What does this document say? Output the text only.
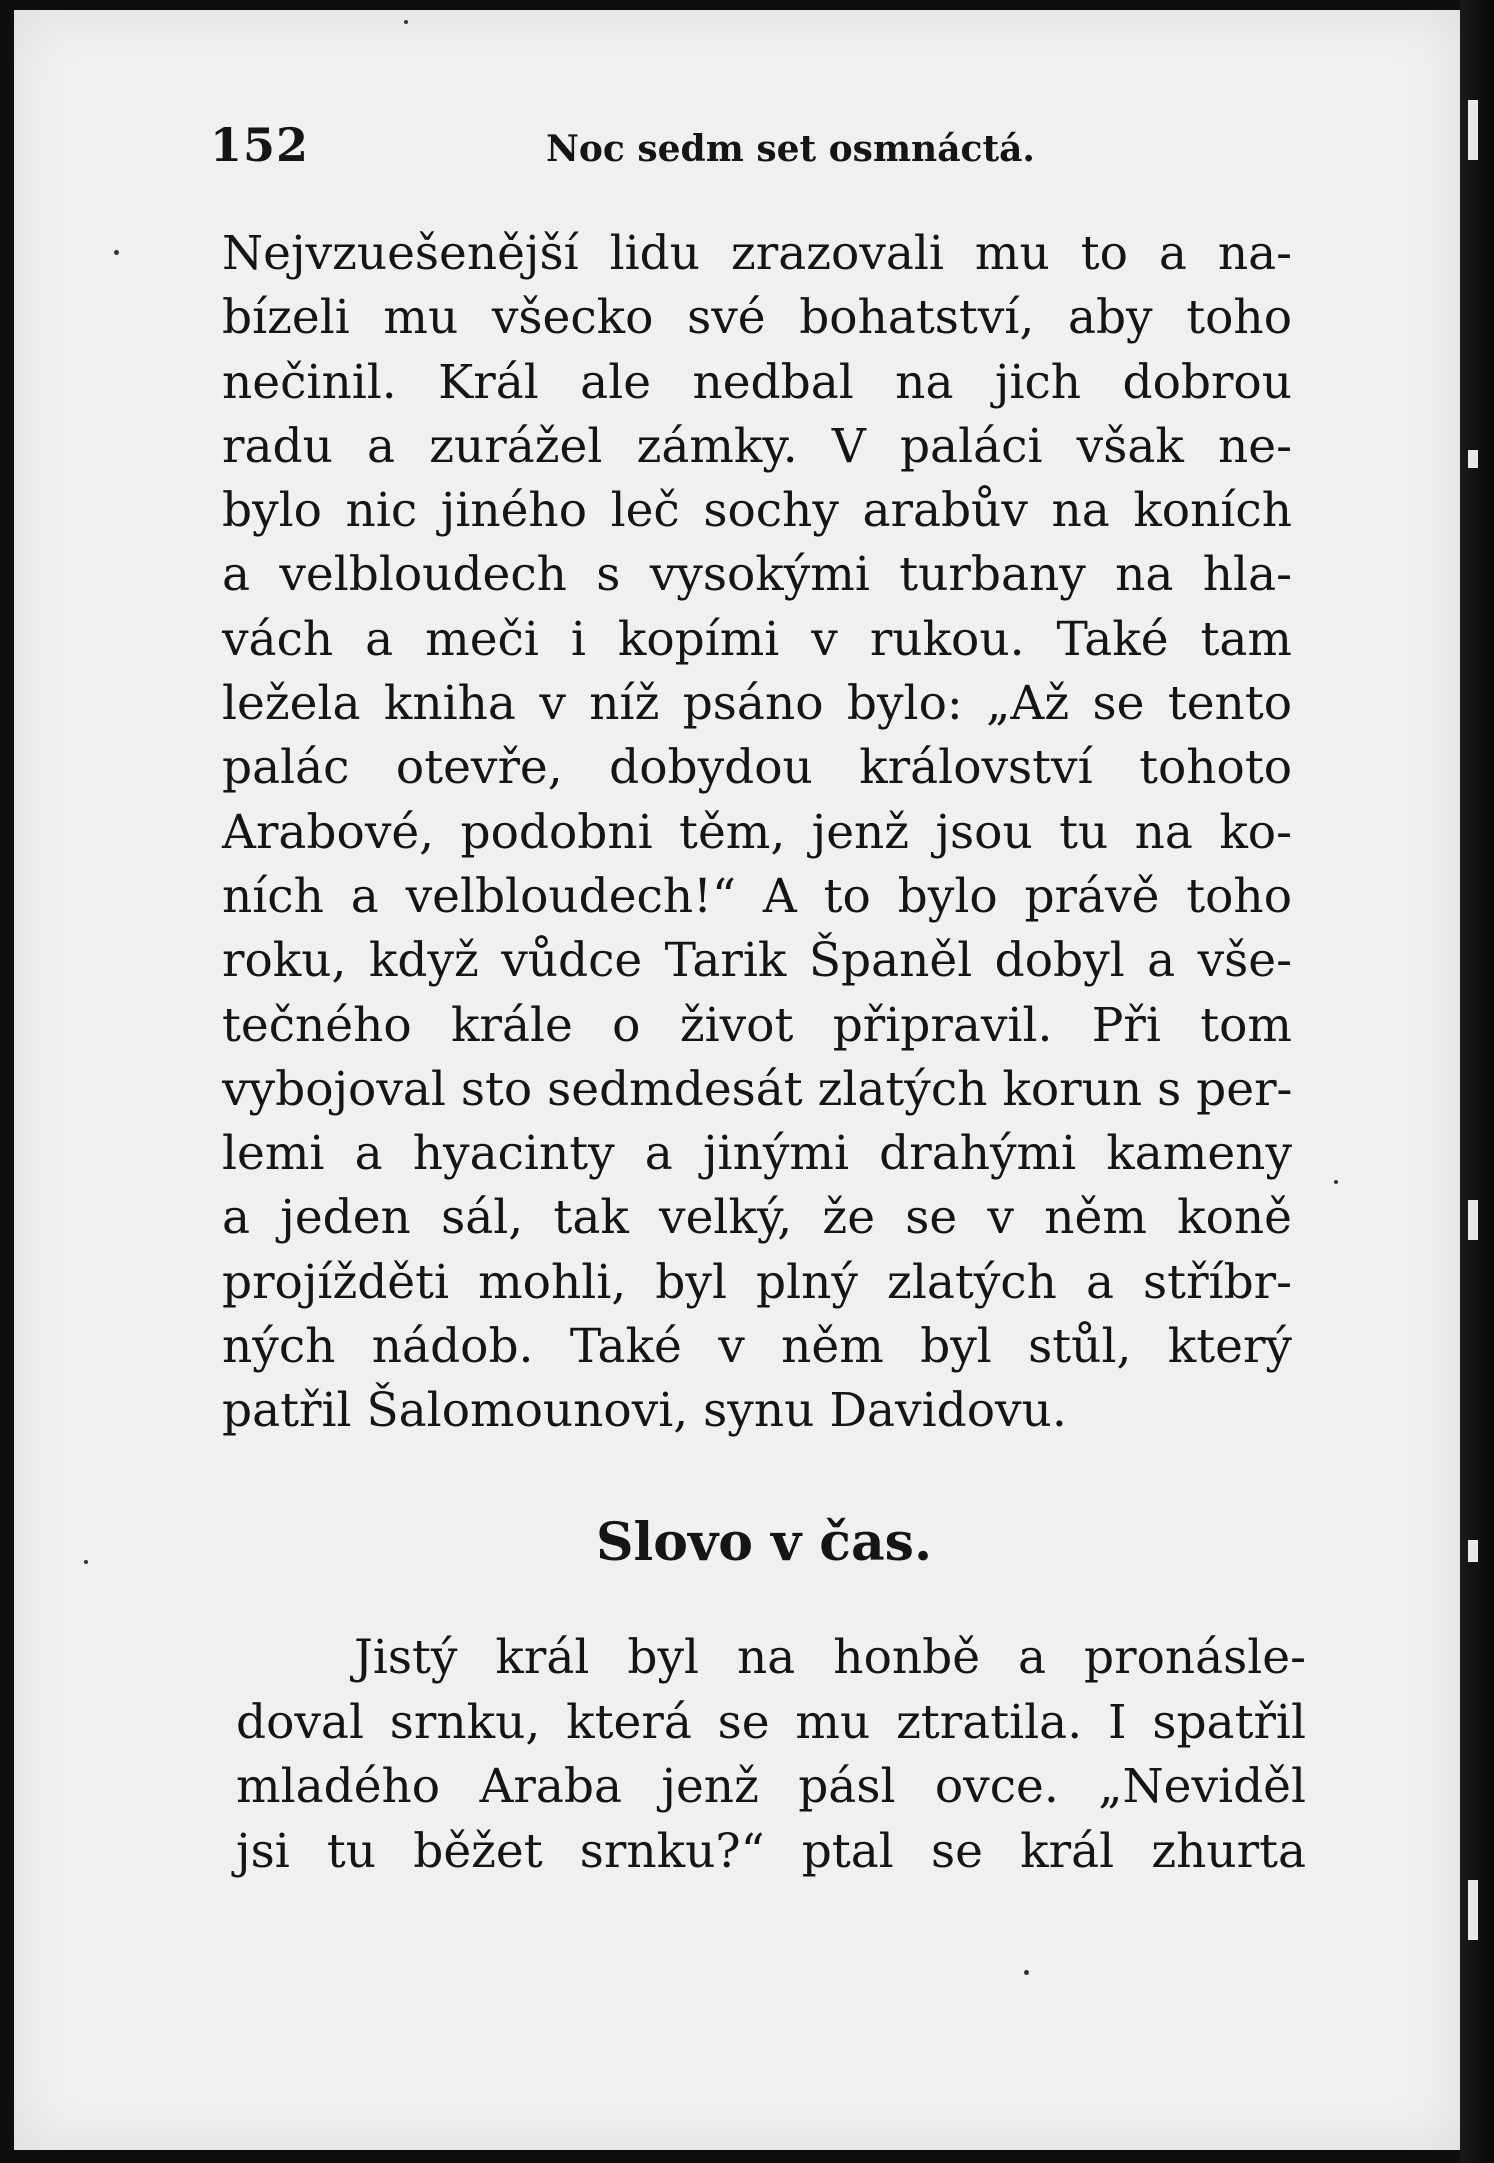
152	Noc sedm set osmnáctá.
Nejvzuešenější lidu zrazovali mu to a na-
bízeli mu všecko své bohatství, aby toho
nečinil. Král ale nedbal na jich dobrou
radu a zurážel zámky. V paláci však ne-
bylo nic jiného leč sochy arabův na koních
a velbloudech s vysokými turbany na hla-
vách a meči i kopími v rukou. Také tam
ležela kniha v níž psáno bylo: „Až se tento
palác otevře, dobydou království tohoto
Arabové, podobni těm, jenž jsou tu na ko-
ních a velbloudech!“ A to bylo právě toho
roku, když vůdce Tarik Španěl dobyl a vše-
tečného krále o život připravil. Při tom
vybojoval sto sedmdesát zlatých korun s per-
lemi a hyacinty a jinými drahými kameny
a jeden sál, tak velký, že se v něm koně
projížděti mohli, byl plný zlatých a stříbr-
ných nádob. Také v něm byl stůl, který
patřil Šalomounovi, synu Davidovu.
Slovo v čas.
Jistý král byl na honbě a pronásle-
doval srnku, která se mu ztratila. I spatřil
mladého Araba jenž pásl ovce. „Neviděl
jsi tu běžet srnku?“ ptal se král zhurta
